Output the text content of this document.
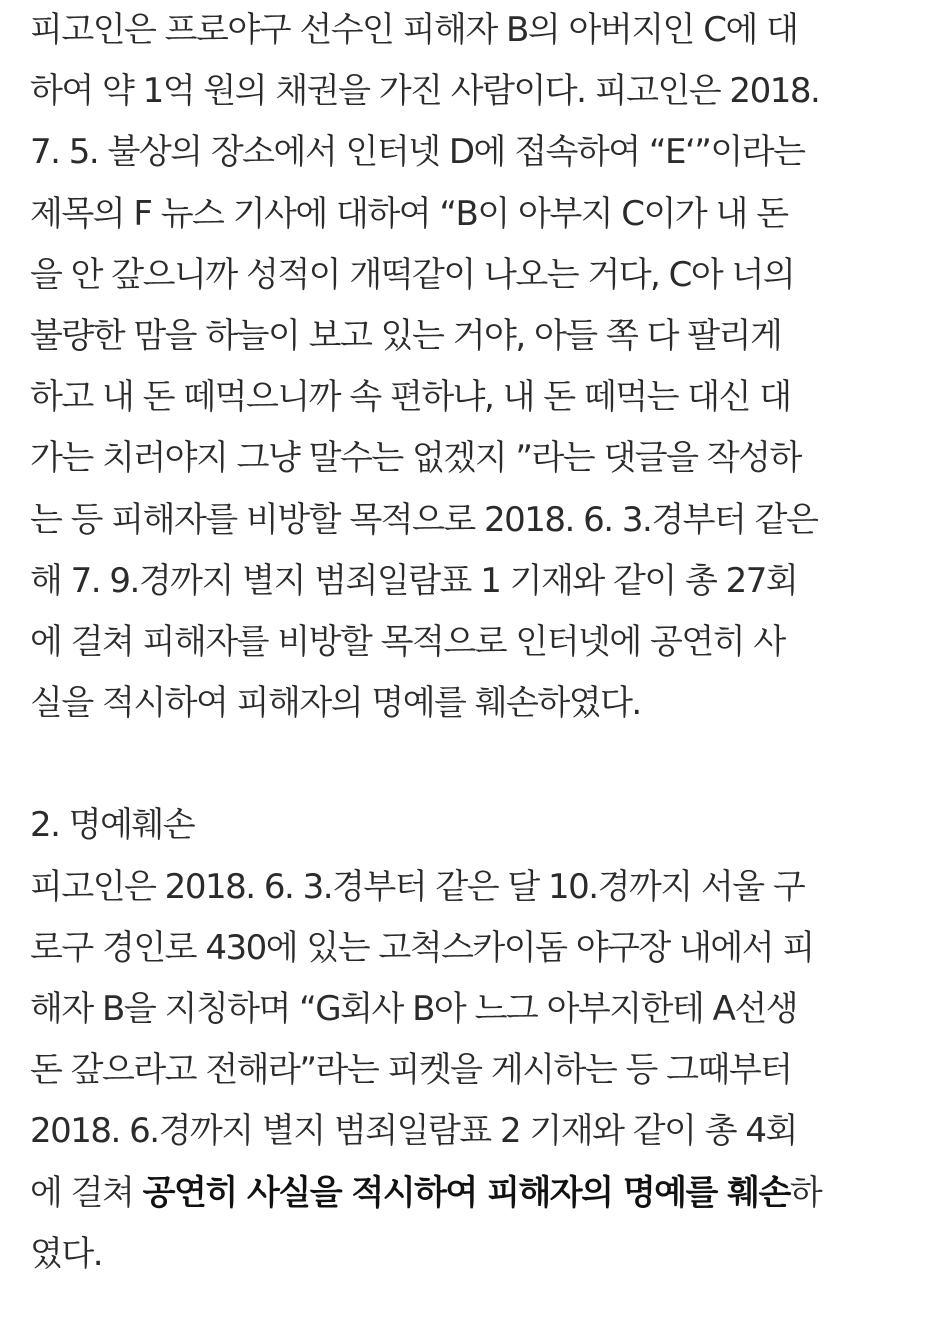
피고인은 프로야구 선수인 피해자 B의 아버지인 C에 대
하여 약 1억 원의 채권을 가진 사람이다. 피고인은 2018.
7. 5. 불상의 장소에서 인터넷 D에 접속하여 “E‘”이라는
제목의 F 뉴스 기사에 대하여 “B이 아부지 C이가 내 돈
을 안 갚으니까 성적이 개떡같이 나오는 거다, C아 너의
불량한 맘을 하늘이 보고 있는 거야, 아들 쪽 다 팔리게
하고 내 돈 떼먹으니까 속 편하냐, 내 돈 떼먹는 대신 대
가는 치러야지 그냥 말수는 없겠지 ”라는 댓글을 작성하
는 등 피해자를 비방할 목적으로 2018. 6. 3.경부터 같은
해 7. 9.경까지 별지 범죄일람표 1 기재와 같이 총 27회
에 걸쳐 피해자를 비방할 목적으로 인터넷에 공연히 사
실을 적시하여 피해자의 명예를 훼손하였다.
2. 명예훼손
피고인은 2018. 6. 3.경부터 같은 달 10.경까지 서울 구
로구 경인로 430에 있는 고척스카이돔 야구장 내에서 피
해자 B을 지칭하며 “G회사 B아 느그 아부지한테 A선생
돈 갚으라고 전해라”라는 피켓을 게시하는 등 그때부터
2018. 6.경까지 별지 범죄일람표 2 기재와 같이 총 4회
에 걸쳐 공연히 사실을 적시하여 피해자의 명예를 훼손하
였다.
